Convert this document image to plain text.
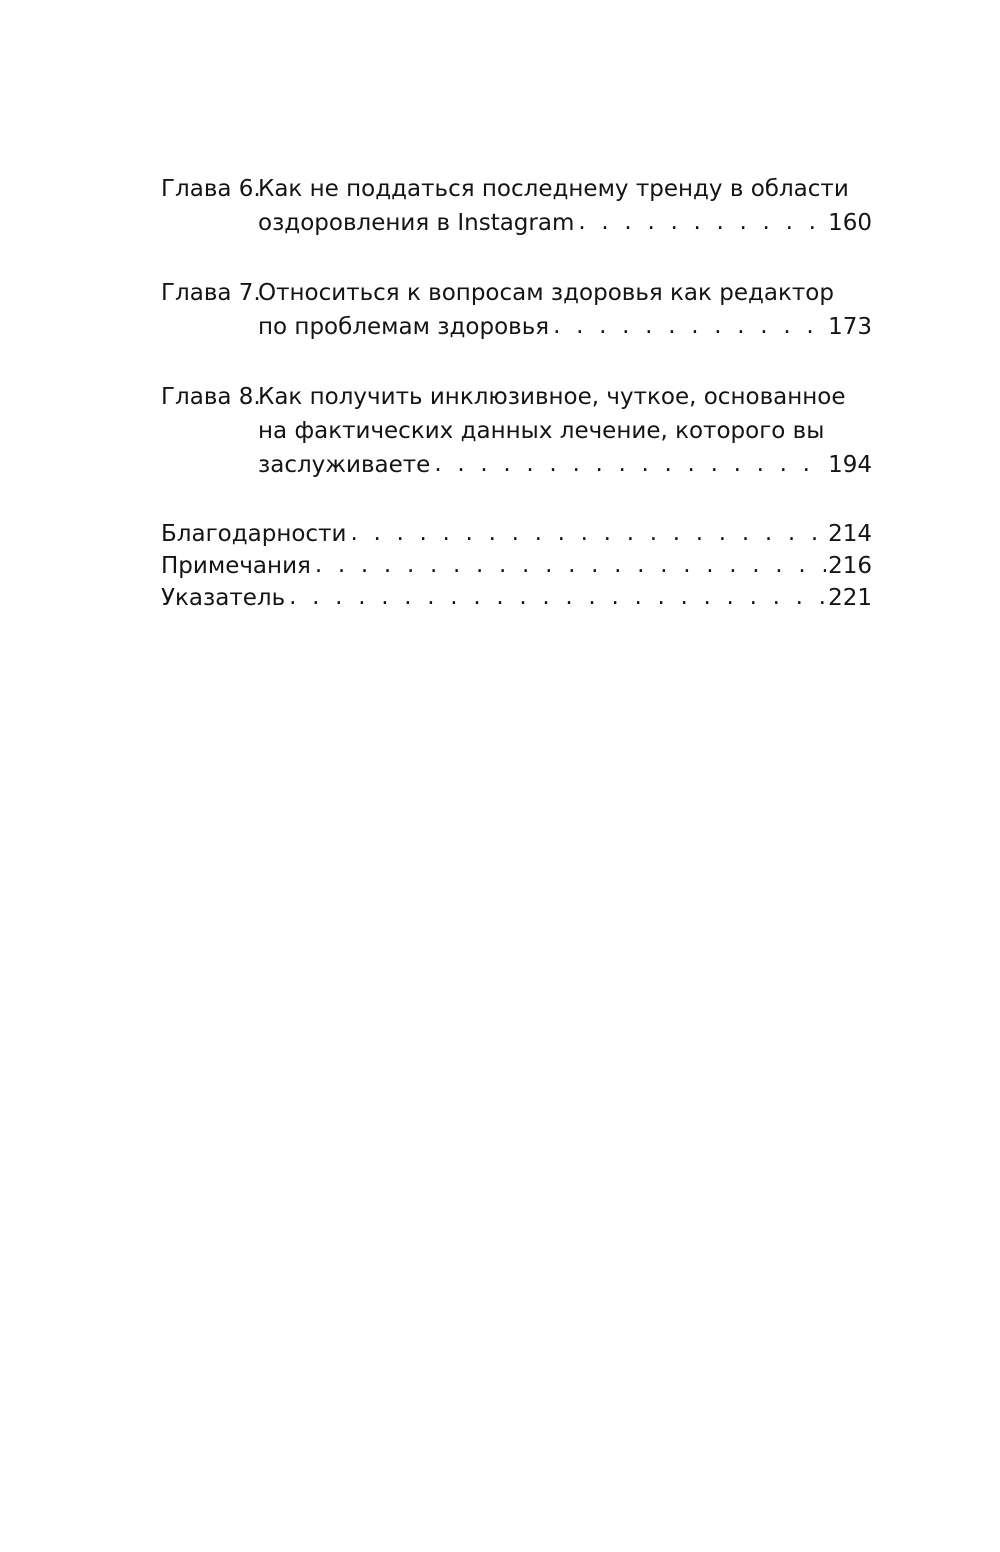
Глава 6.
Как не поддаться последнему тренду в области
оздоровления в Instagram . . .	160
Глава 7.
Относиться к вопросам здоровья как редактор
по проблемам здоровья . . .	173
Глава 8.
Как получить инклюзивное, чуткое, основанное
на фактических данных лечение, которого вы
заслуживаете . . .	194
Благодарности . . .	214
Примечания . . .	216
Указатель . . .	221
